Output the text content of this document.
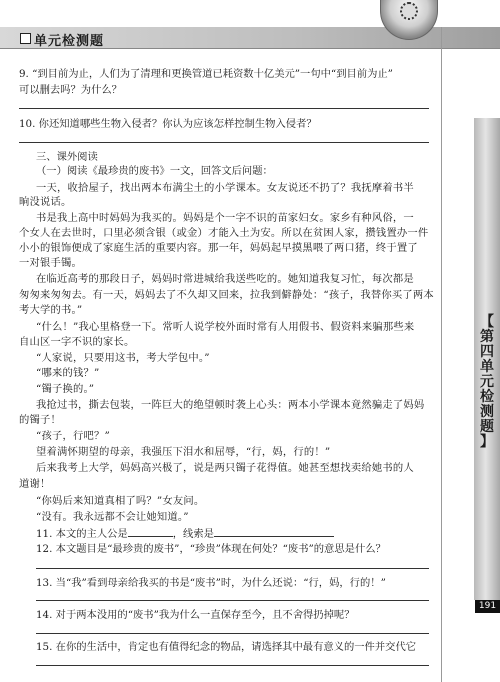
单元检测题
【
第
四
单
元
检
测
题
】
191
9. “到目前为止，人们为了清理和更换管道已耗资数十亿美元”一句中“到目前为止”
可以删去吗？为什么？
10. 你还知道哪些生物入侵者？你认为应该怎样控制生物入侵者？
三、课外阅读
（一）阅读《最珍贵的废书》一文，回答文后问题：
一天，收拾屋子，找出两本布满尘土的小学课本。女友说还不扔了？我抚摩着书半
晌没说话。
书是我上高中时妈妈为我买的。妈妈是个一字不识的苗家妇女。家乡有种风俗，一
个女人在去世时，口里必须含银（或金）才能入土为安。所以在贫困人家，攒钱置办一件
小小的银饰便成了家庭生活的重要内容。那一年，妈妈起早摸黑喂了两口猪，终于置了
一对银手镯。
在临近高考的那段日子，妈妈时常进城给我送些吃的。她知道我复习忙，每次都是
匆匆来匆匆去。有一天，妈妈去了不久却又回来，拉我到僻静处：“孩子，我替你买了两本
考大学的书。”
“什么！”我心里格登一下。常听人说学校外面时常有人用假书、假资料来骗那些来
自山区一字不识的家长。
“人家说，只要用这书，考大学包中。”
“哪来的钱？”
“镯子换的。”
我抢过书，撕去包装，一阵巨大的绝望顿时袭上心头：两本小学课本竟然骗走了妈妈
的镯子！
“孩子，行吧？”
望着满怀期望的母亲，我强压下泪水和屈辱，“行，妈，行的！”
后来我考上大学，妈妈高兴极了，说是两只镯子花得值。她甚至想找卖给她书的人
道谢！
“你妈后来知道真相了吗？”女友问。
“没有。我永远都不会让她知道。”
11. 本文的主人公是	，线索是
12. 本文题目是“最珍贵的废书”，“珍贵”体现在何处？“废书”的意思是什么？
13. 当“我”看到母亲给我买的书是“废书”时，为什么还说：“行，妈，行的！”
14. 对于两本没用的“废书”我为什么一直保存至今，且不舍得扔掉呢？
15. 在你的生活中，肯定也有值得纪念的物品，请选择其中最有意义的一件并交代它
